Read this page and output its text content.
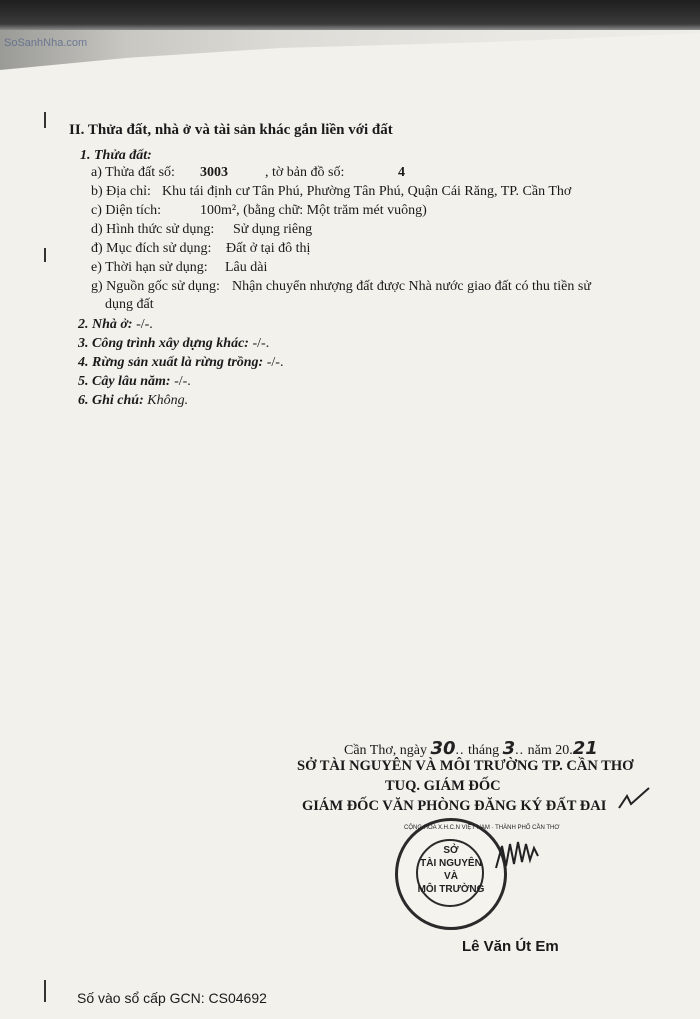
SoSanhNha.com
II. Thửa đất, nhà ở và tài sản khác gắn liền với đất
1. Thửa đất:
a) Thửa đất số: 3003	, tờ bản đồ số:	4
b) Địa chỉ: Khu tái định cư Tân Phú, Phường Tân Phú, Quận Cái Răng, TP. Cần Thơ
c) Diện tích:	100m², (bằng chữ: Một trăm mét vuông)
d) Hình thức sử dụng: Sử dụng riêng
đ) Mục đích sử dụng: Đất ở tại đô thị
e) Thời hạn sử dụng: Lâu dài
g) Nguồn gốc sử dụng: Nhận chuyển nhượng đất được Nhà nước giao đất có thu tiền sử
dụng đất
2. Nhà ở: -/-.
3. Công trình xây dựng khác: -/-.
4. Rừng sản xuất là rừng trồng: -/-.
5. Cây lâu năm: -/-.
6. Ghi chú: Không.
Cần Thơ, ngày 30.. tháng 3.. năm 20.21
SỞ TÀI NGUYÊN VÀ MÔI TRƯỜNG TP. CẦN THƠ
TUQ. GIÁM ĐỐC
GIÁM ĐỐC VĂN PHÒNG ĐĂNG KÝ ĐẤT ĐAI
SỞ
TÀI NGUYÊN
VÀ
MÔI TRƯỜNG
CỘNG HÒA X.H.C.N VIỆT NAM · THÀNH PHỐ CẦN THƠ
Lê Văn Út Em
Số vào sổ cấp GCN: CS04692
